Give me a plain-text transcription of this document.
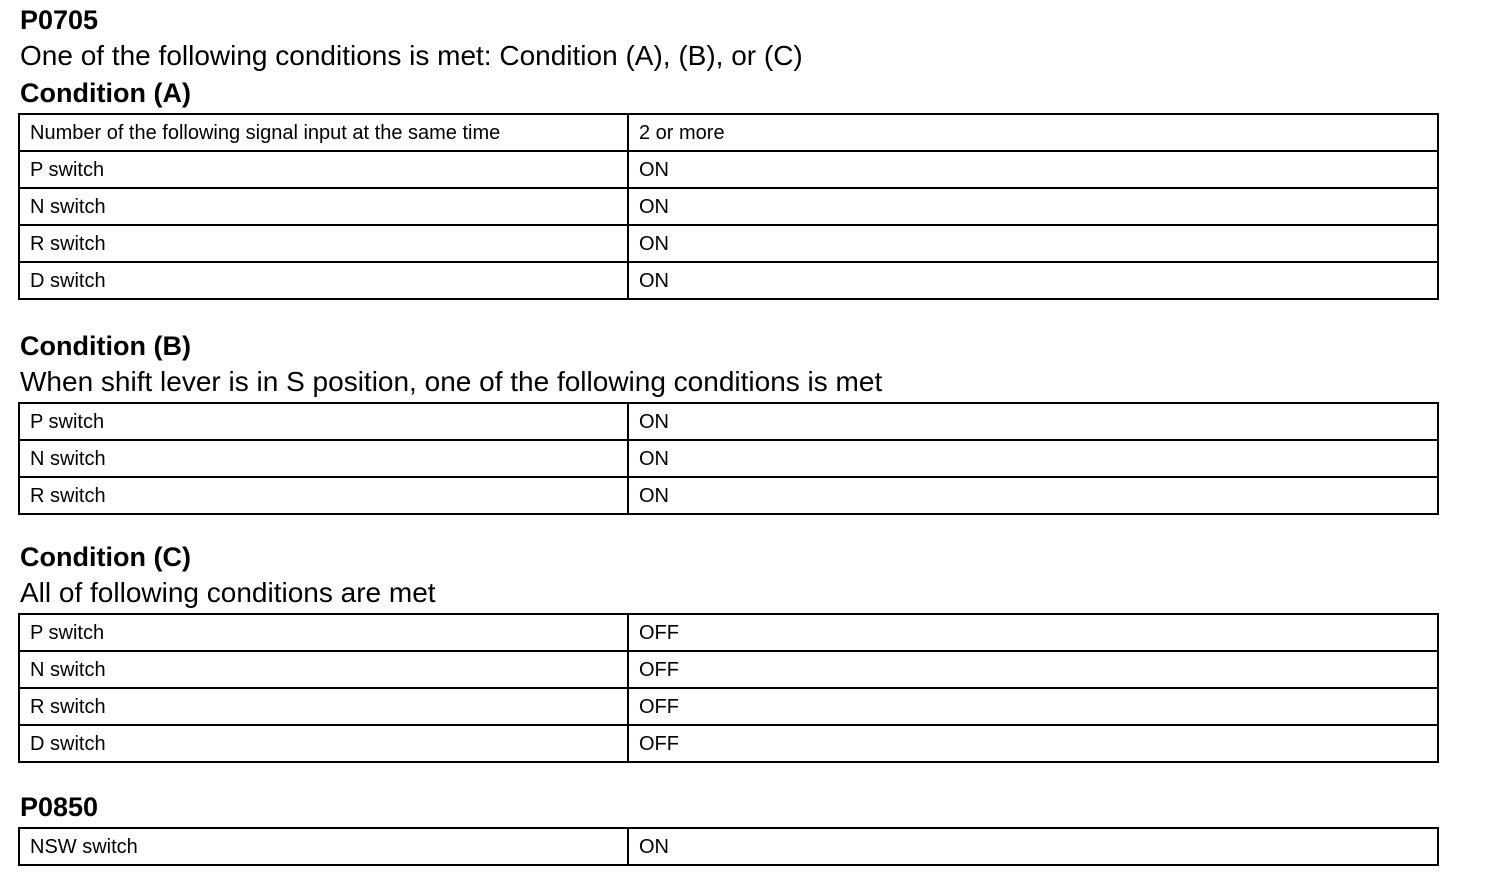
P0705
One of the following conditions is met: Condition (A), (B), or (C)
Condition (A)
Number of the following signal input at the same time	2 or more
P switch	ON
N switch	ON
R switch	ON
D switch	ON
Condition (B)
When shift lever is in S position, one of the following conditions is met
P switch	ON
N switch	ON
R switch	ON
Condition (C)
All of following conditions are met
P switch	OFF
N switch	OFF
R switch	OFF
D switch	OFF
P0850
NSW switch	ON
